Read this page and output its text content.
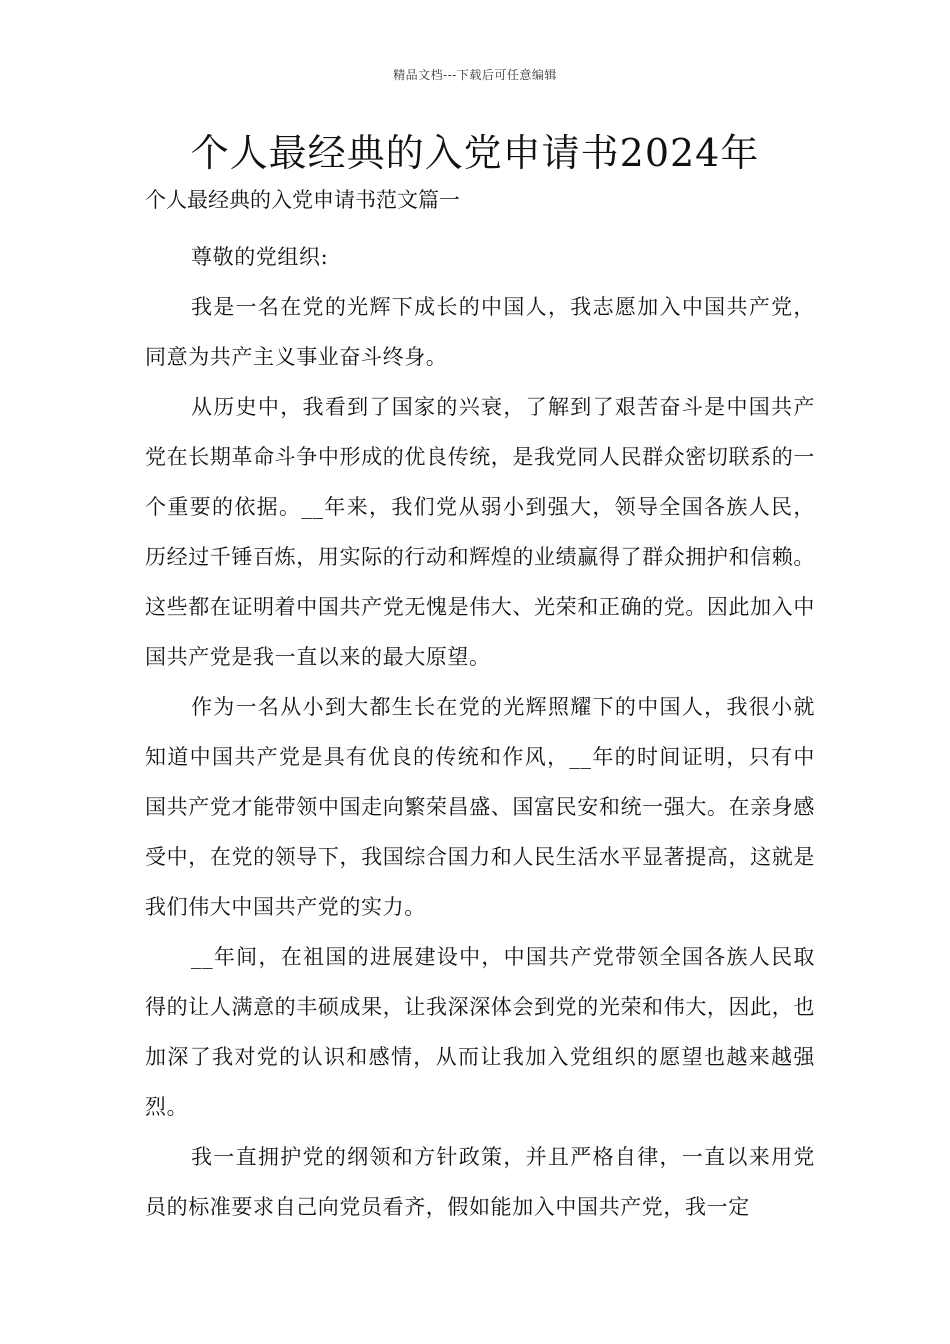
精品文档---下载后可任意编辑
个人最经典的入党申请书2024年

个人最经典的入党申请书范文篇一

尊敬的党组织:

我是一名在党的光辉下成长的中国人，我志愿加入中国共产党，同意为共产主义事业奋斗终身。

从历史中，我看到了国家的兴衰，了解到了艰苦奋斗是中国共产党在长期革命斗争中形成的优良传统，是我党同人民群众密切联系的一个重要的依据。__年来，我们党从弱小到强大，领导全国各族人民，历经过千锤百炼，用实际的行动和辉煌的业绩赢得了群众拥护和信赖。这些都在证明着中国共产党无愧是伟大、光荣和正确的党。因此加入中国共产党是我一直以来的最大原望。

作为一名从小到大都生长在党的光辉照耀下的中国人，我很小就知道中国共产党是具有优良的传统和作风，__年的时间证明，只有中国共产党才能带领中国走向繁荣昌盛、国富民安和统一强大。在亲身感受中，在党的领导下，我国综合国力和人民生活水平显著提高，这就是我们伟大中国共产党的实力。

__年间，在祖国的进展建设中，中国共产党带领全国各族人民取得的让人满意的丰硕成果，让我深深体会到党的光荣和伟大，因此，也加深了我对党的认识和感情，从而让我加入党组织的愿望也越来越强烈。

我一直拥护党的纲领和方针政策，并且严格自律，一直以来用党员的标准要求自己向党员看齐，假如能加入中国共产党，我一定
